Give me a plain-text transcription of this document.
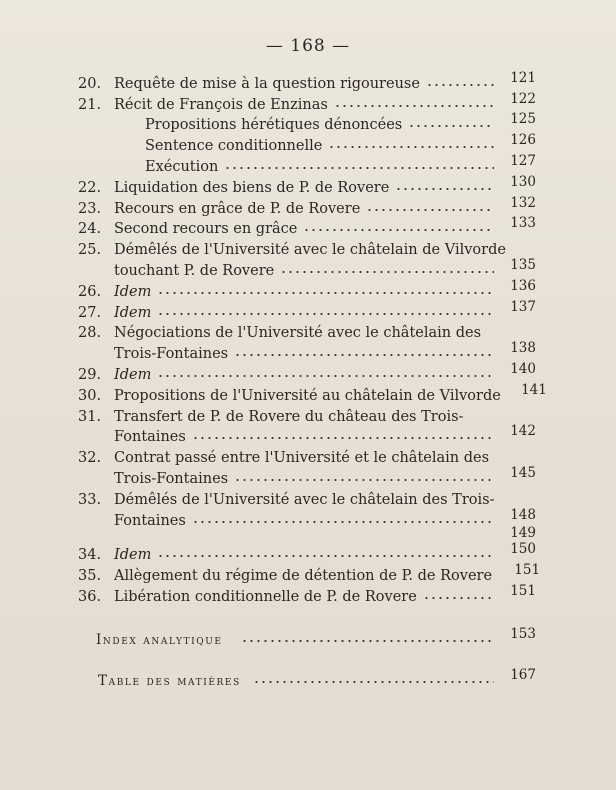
— 168 —
20. Requête de mise à la question rigoureuse	121
21. Récit de François de Enzinas	122
Propositions hérétiques dénoncées	125
Sentence conditionnelle	126
Exécution	127
22. Liquidation des biens de P. de Rovere	130
23. Recours en grâce de P. de Rovere	132
24. Second recours en grâce	133
25. Démêlés de l'Université avec le châtelain de Vilvorde
touchant P. de Rovere	135
26. Idem	136
27. Idem	137
28. Négociations de l'Université avec le châtelain des
Trois-Fontaines	138
29. Idem	140
30. Propositions de l'Université au châtelain de Vilvorde	141
31. Transfert de P. de Rovere du château des Trois-
Fontaines	142
32. Contrat passé entre l'Université et le châtelain des
Trois-Fontaines	145
33. Démêlés de l'Université avec le châtelain des Trois-
Fontaines	148
149
34. Idem	150
35. Allègement du régime de détention de P. de Rovere	151
36. Libération conditionnelle de P. de Rovere	151
Index analytique	153
Table des matières	167
